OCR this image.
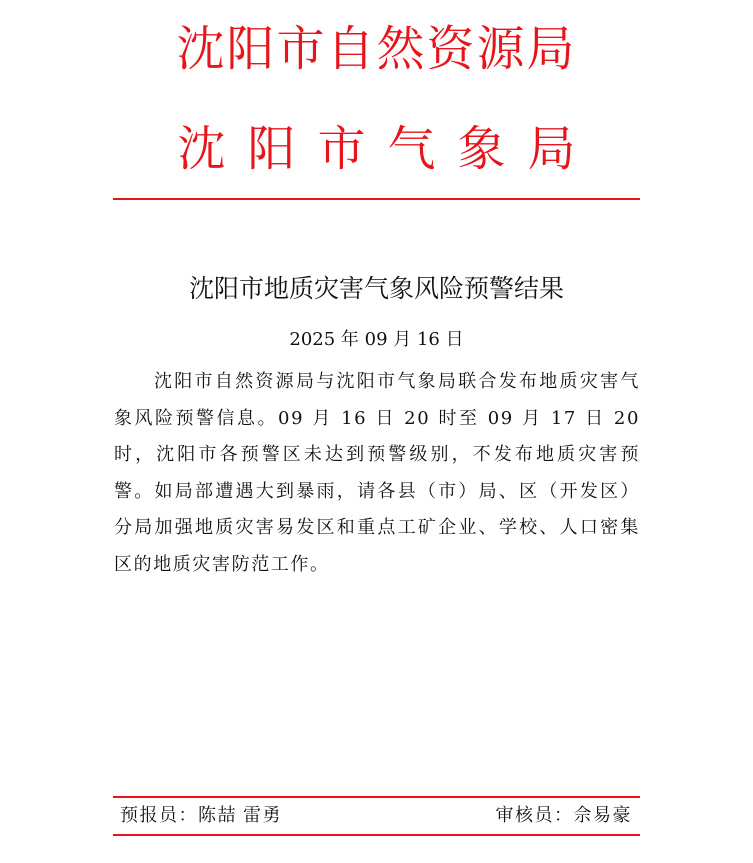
沈阳市自然资源局
沈阳市气象局
沈阳市地质灾害气象风险预警结果
2025 年 09 月 16 日

沈阳市自然资源局与沈阳市气象局联合发布地质灾害气象风险预警信息。09 月 16 日 20 时至 09 月 17 日 20 时，沈阳市各预警区未达到预警级别，不发布地质灾害预警。如局部遭遇大到暴雨，请各县（市）局、区（开发区）分局加强地质灾害易发区和重点工矿企业、学校、人口密集区的地质灾害防范工作。

预报员：陈喆 雷勇	审核员：佘易豪
